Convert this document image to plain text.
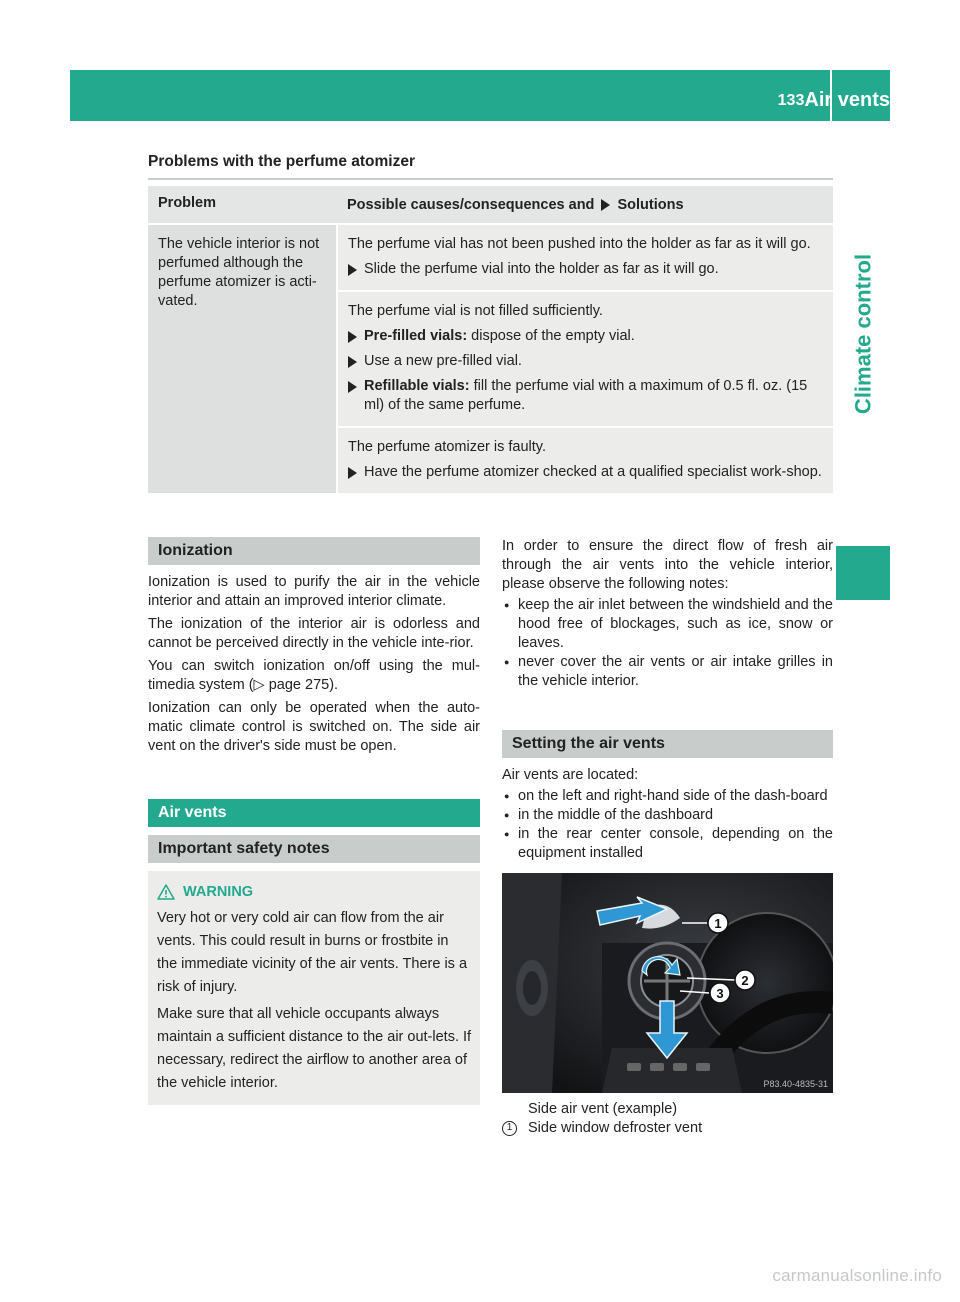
Air vents
133
Climate control
Problems with the perfume atomizer
Problem	Possible causes/consequences and Solutions

The vehicle interior is not perfumed although the perfume atomizer is acti-vated.	The perfume vial has not been pushed into the holder as far as it will go.
Slide the perfume vial into the holder as far as it will go.

	The perfume vial is not filled sufficiently.
Pre-filled vials: dispose of the empty vial.
Use a new pre-filled vial.
Refillable vials: fill the perfume vial with a maximum of 0.5 fl. oz. (15 ml) of the same perfume.

	The perfume atomizer is faulty.
Have the perfume atomizer checked at a qualified specialist work-shop.
Ionization
Ionization is used to purify the air in the vehicle interior and attain an improved interior climate.
The ionization of the interior air is odorless and cannot be perceived directly in the vehicle inte-rior.
You can switch ionization on/off using the mul-timedia system (▷ page 275).
Ionization can only be operated when the auto-matic climate control is switched on. The side air vent on the driver's side must be open.
Air vents
Important safety notes
WARNING

Very hot or very cold air can flow from the air vents. This could result in burns or frostbite in the immediate vicinity of the air vents. There is a risk of injury.

Make sure that all vehicle occupants always maintain a sufficient distance to the air out-lets. If necessary, redirect the airflow to another area of the vehicle interior.

In order to ensure the direct flow of fresh air through the air vents into the vehicle interior, please observe the following notes:
● keep the air inlet between the windshield and the hood free of blockages, such as ice, snow or leaves.
● never cover the air vents or air intake grilles in the vehicle interior.
Setting the air vents
Air vents are located:
● on the left and right-hand side of the dash-board
● in the middle of the dashboard
● in the rear center console, depending on the equipment installed
1
2
3
P83.40-4835-31
Side air vent (example)
1	Side window defroster vent
carmanualsonline.info
